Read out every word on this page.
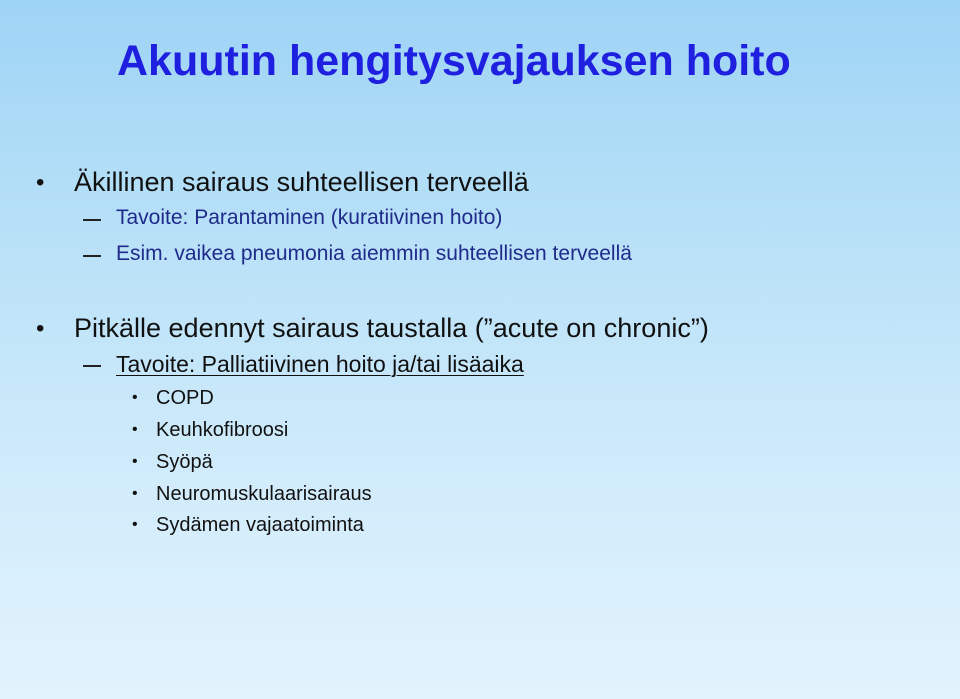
Akuutin hengitysvajauksen hoito
• Äkillinen sairaus suhteellisen terveellä
Tavoite: Parantaminen (kuratiivinen hoito)
Esim. vaikea pneumonia aiemmin suhteellisen terveellä
• Pitkälle edennyt sairaus taustalla (”acute on chronic”)
Tavoite: Palliatiivinen hoito ja/tai lisäaika
• COPD
• Keuhkofibroosi
• Syöpä
• Neuromuskulaarisairaus
• Sydämen vajaatoiminta
